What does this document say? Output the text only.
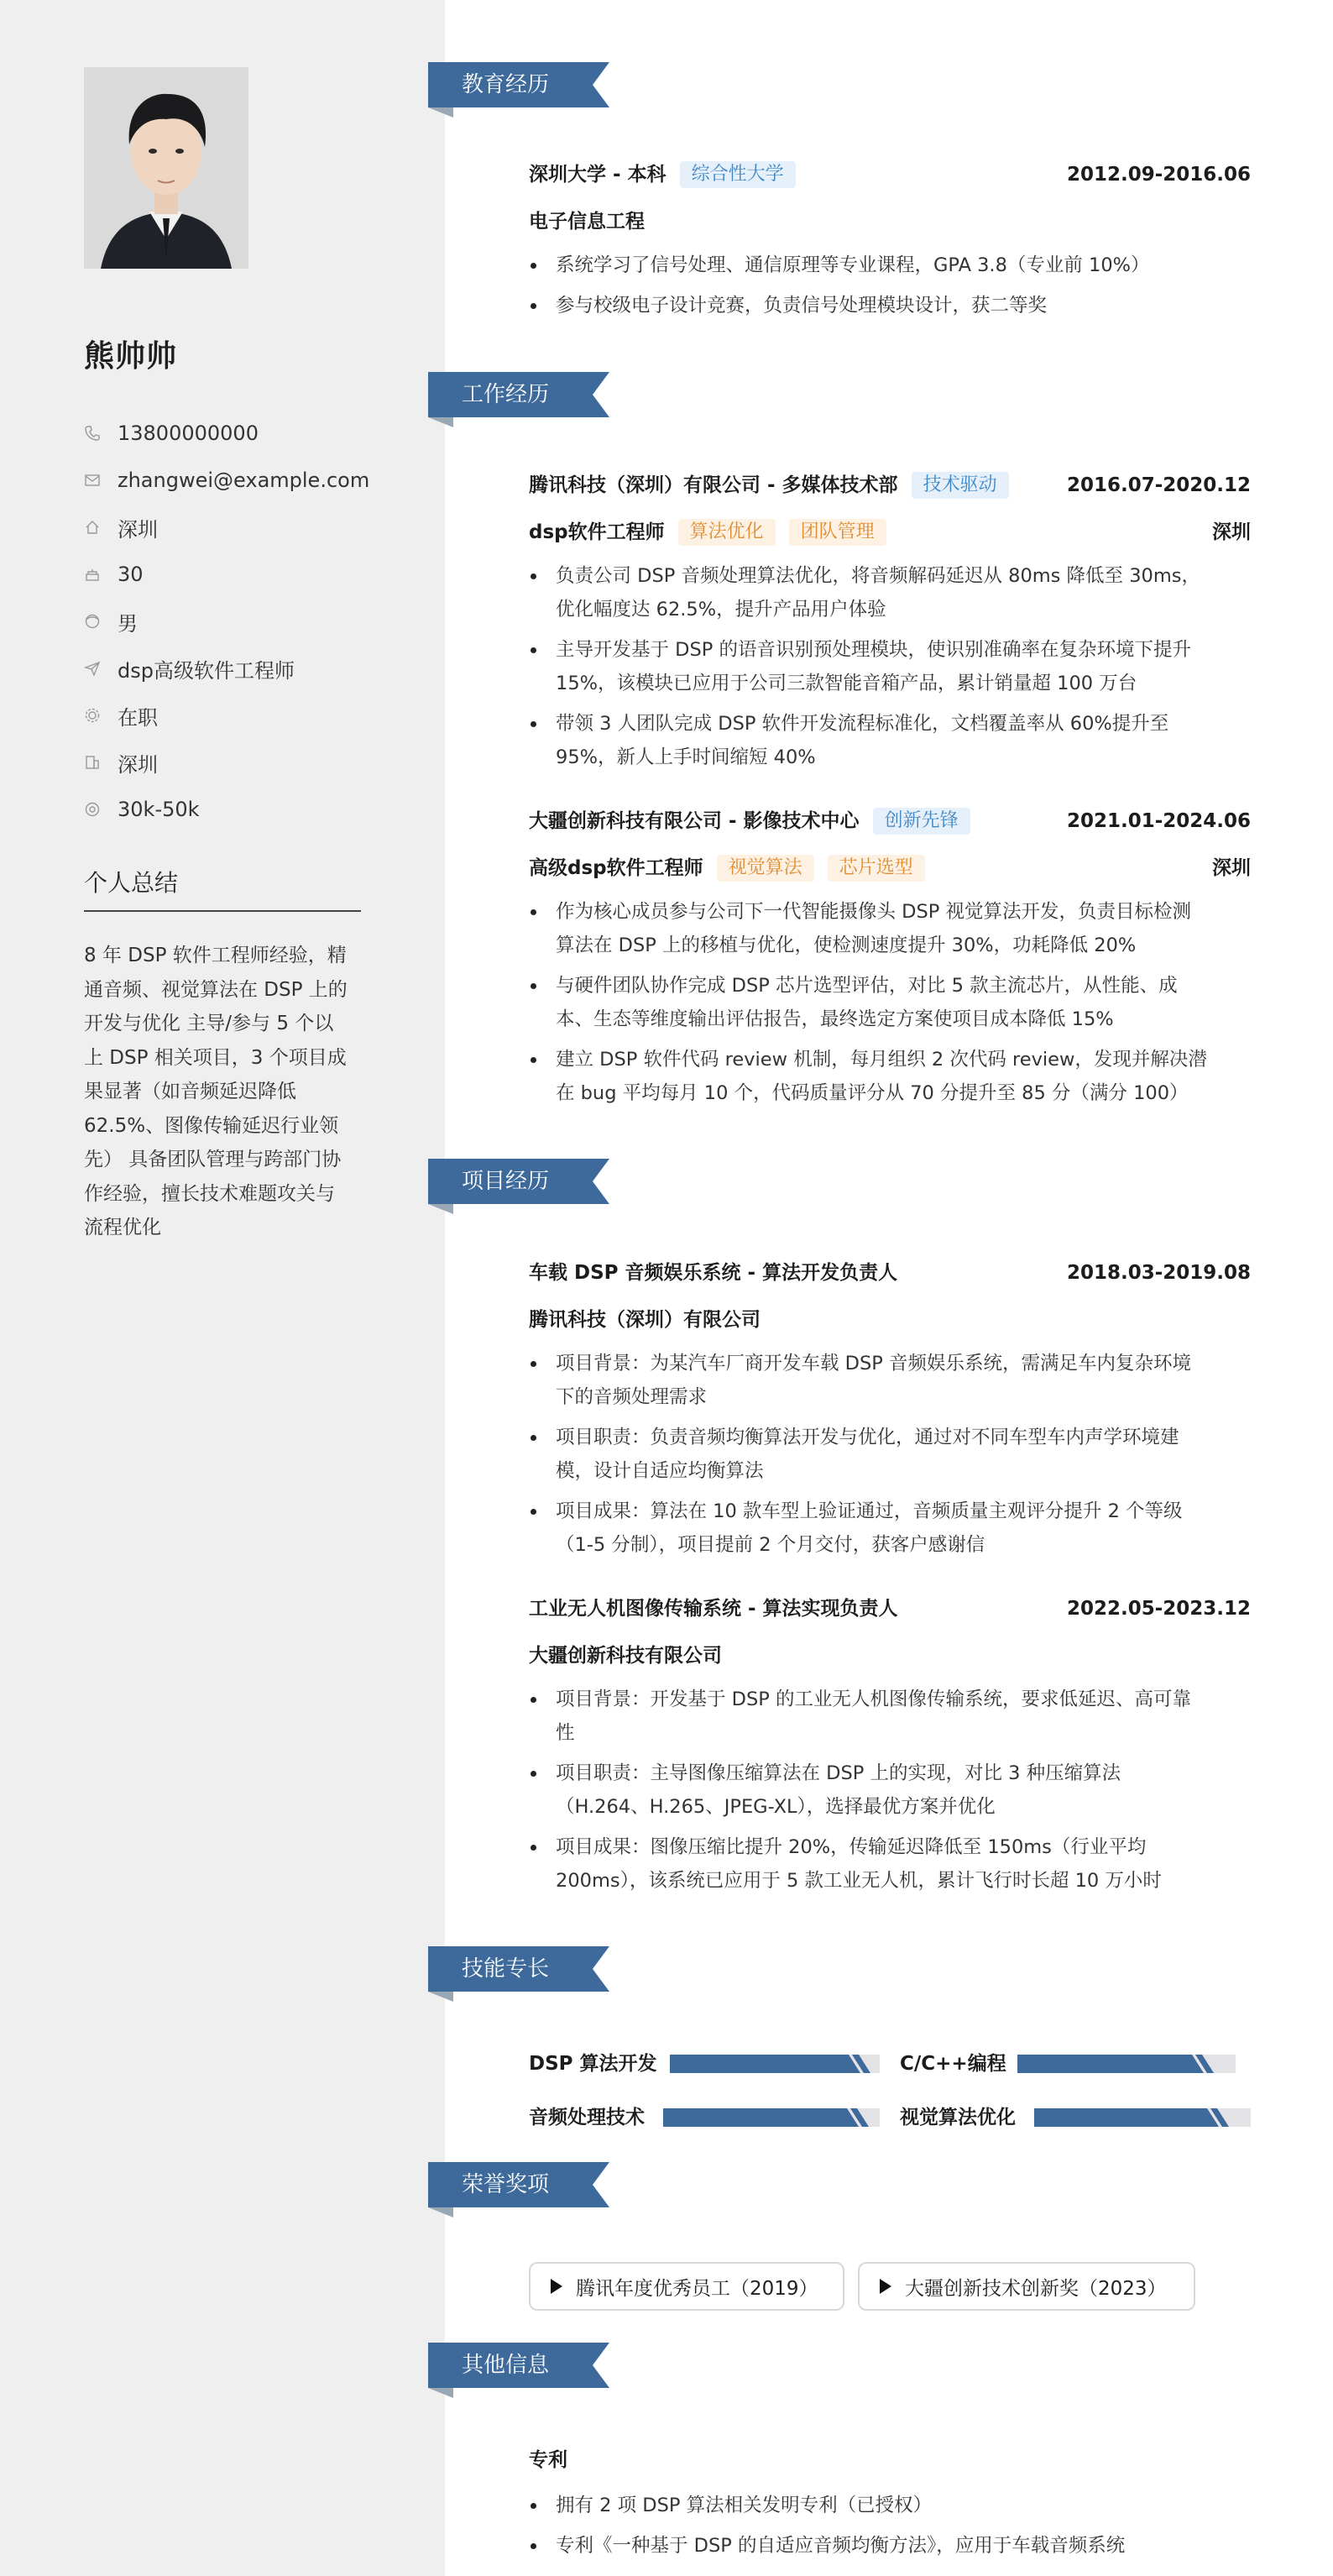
熊帅帅
13800000000
zhangwei@example.com
深圳
30
男
dsp高级软件工程师
在职
深圳
30k-50k
个人总结
8 年 DSP 软件工程师经验，精
通音频、视觉算法在 DSP 上的
开发与优化 主导/参与 5 个以
上 DSP 相关项目，3 个项目成
果显著（如音频延迟降低
62.5%、图像传输延迟行业领
先） 具备团队管理与跨部门协
作经验，擅长技术难题攻关与
流程优化
教育经历
工作经历
项目经历
技能专长
荣誉奖项
其他信息
深圳大学 - 本科	综合性大学	2012.09-2016.06
电子信息工程
系统学习了信号处理、通信原理等专业课程，GPA 3.8（专业前 10%）
参与校级电子设计竞赛，负责信号处理模块设计，获二等奖
腾讯科技（深圳）有限公司 - 多媒体技术部	技术驱动	2016.07-2020.12
dsp软件工程师	算法优化	团队管理	深圳
负责公司 DSP 音频处理算法优化，将音频解码延迟从 80ms 降低至 30ms，
优化幅度达 62.5%，提升产品用户体验
主导开发基于 DSP 的语音识别预处理模块，使识别准确率在复杂环境下提升
15%，该模块已应用于公司三款智能音箱产品，累计销量超 100 万台
带领 3 人团队完成 DSP 软件开发流程标准化，文档覆盖率从 60%提升至
95%，新人上手时间缩短 40%
大疆创新科技有限公司 - 影像技术中心	创新先锋	2021.01-2024.06
高级dsp软件工程师	视觉算法	芯片选型	深圳
作为核心成员参与公司下一代智能摄像头 DSP 视觉算法开发，负责目标检测
算法在 DSP 上的移植与优化，使检测速度提升 30%，功耗降低 20%
与硬件团队协作完成 DSP 芯片选型评估，对比 5 款主流芯片，从性能、成
本、生态等维度输出评估报告，最终选定方案使项目成本降低 15%
建立 DSP 软件代码 review 机制，每月组织 2 次代码 review，发现并解决潜
在 bug 平均每月 10 个，代码质量评分从 70 分提升至 85 分（满分 100）
车载 DSP 音频娱乐系统 - 算法开发负责人	2018.03-2019.08
腾讯科技（深圳）有限公司
项目背景：为某汽车厂商开发车载 DSP 音频娱乐系统，需满足车内复杂环境
下的音频处理需求
项目职责：负责音频均衡算法开发与优化，通过对不同车型车内声学环境建
模，设计自适应均衡算法
项目成果：算法在 10 款车型上验证通过，音频质量主观评分提升 2 个等级
（1-5 分制），项目提前 2 个月交付，获客户感谢信
工业无人机图像传输系统 - 算法实现负责人	2022.05-2023.12
大疆创新科技有限公司
项目背景：开发基于 DSP 的工业无人机图像传输系统，要求低延迟、高可靠
性
项目职责：主导图像压缩算法在 DSP 上的实现，对比 3 种压缩算法
（H.264、H.265、JPEG-XL），选择最优方案并优化
项目成果：图像压缩比提升 20%，传输延迟降低至 150ms（行业平均
200ms），该系统已应用于 5 款工业无人机，累计飞行时长超 10 万小时
DSP 算法开发	C/C++编程
音频处理技术	视觉算法优化
腾讯年度优秀员工（2019）	大疆创新技术创新奖（2023）
专利
拥有 2 项 DSP 算法相关发明专利（已授权）
专利《一种基于 DSP 的自适应音频均衡方法》，应用于车载音频系统
